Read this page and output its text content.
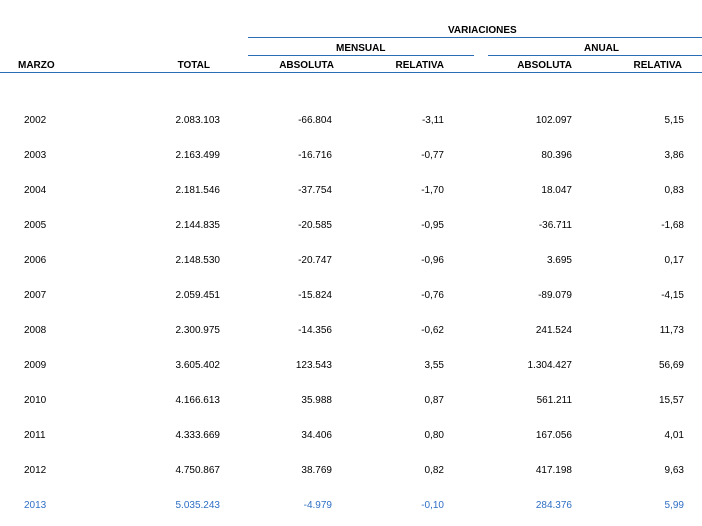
VARIACIONES
MENSUAL	ANUAL
MARZO	TOTAL	ABSOLUTA	RELATIVA	ABSOLUTA	RELATIVA
2002	2.083.103	-66.804	-3,11	102.097	5,15
2003	2.163.499	-16.716	-0,77	80.396	3,86
2004	2.181.546	-37.754	-1,70	18.047	0,83
2005	2.144.835	-20.585	-0,95	-36.711	-1,68
2006	2.148.530	-20.747	-0,96	3.695	0,17
2007	2.059.451	-15.824	-0,76	-89.079	-4,15
2008	2.300.975	-14.356	-0,62	241.524	11,73
2009	3.605.402	123.543	3,55	1.304.427	56,69
2010	4.166.613	35.988	0,87	561.211	15,57
2011	4.333.669	34.406	0,80	167.056	4,01
2012	4.750.867	38.769	0,82	417.198	9,63
2013	5.035.243	-4.979	-0,10	284.376	5,99
